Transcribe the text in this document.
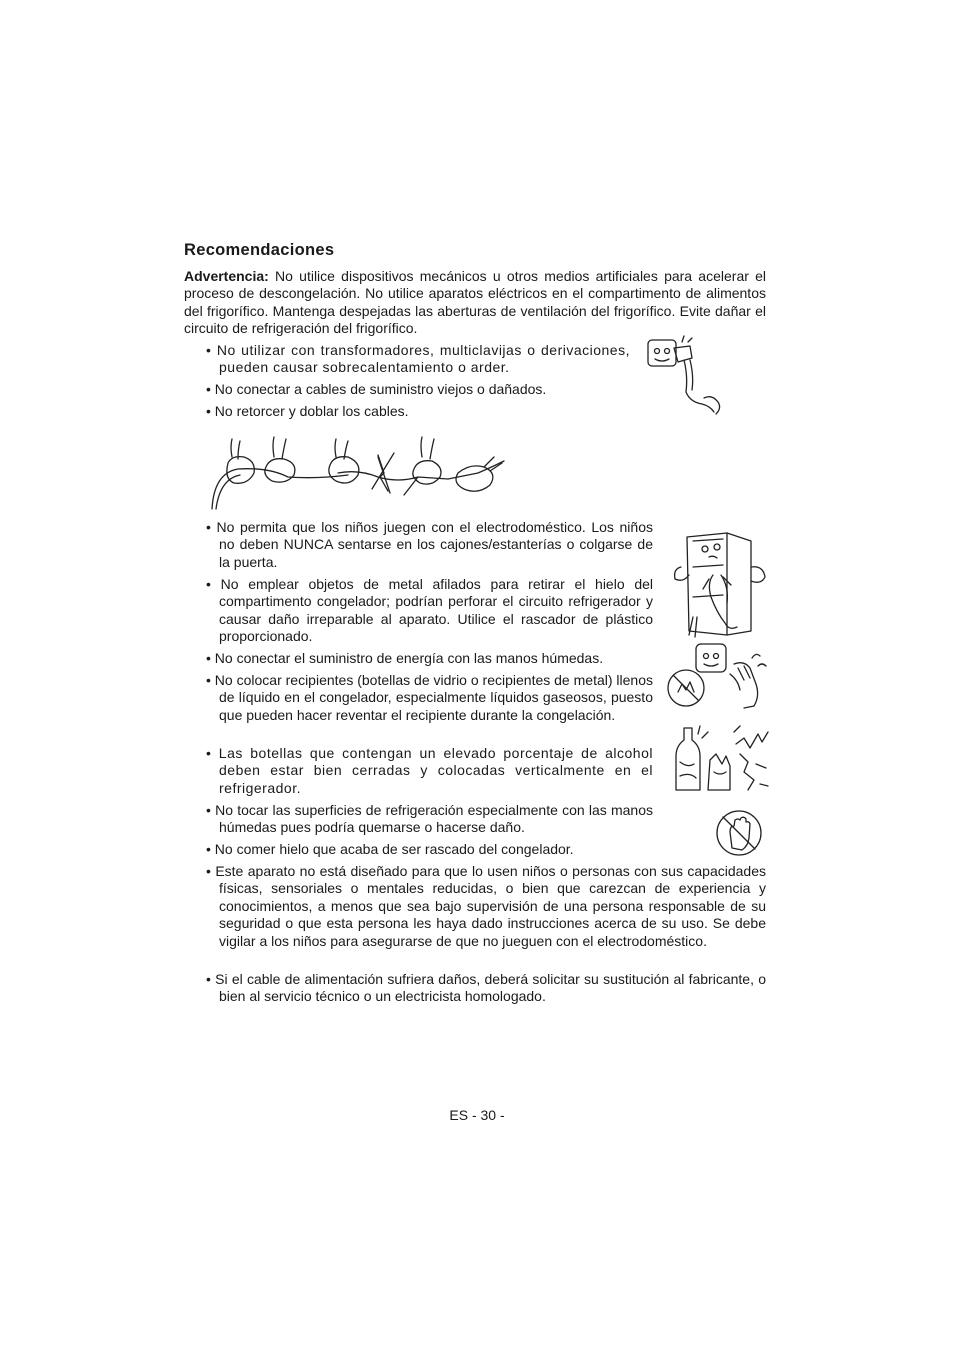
Recomendaciones

Advertencia: No utilice dispositivos mecánicos u otros medios artificiales para acelerar el proceso de descongelación. No utilice aparatos eléctricos en el compartimento de alimentos del frigorífico. Mantenga despejadas las aberturas de ventilación del frigorífico. Evite dañar el circuito de refrigeración del frigorífico.

• No utilizar con transformadores, multiclavijas o derivaciones, pueden causar sobrecalentamiento o arder.

• No conectar a cables de suministro viejos o dañados.

• No retorcer y doblar los cables.

• No permita que los niños juegen con el electrodoméstico. Los niños no deben NUNCA sentarse en los cajones/estanterías o colgarse de la puerta.

• No emplear objetos de metal afilados para retirar el hielo del compartimento congelador; podrían perforar el circuito refrigerador y causar daño irreparable al aparato. Utilice el rascador de plástico proporcionado.

• No conectar el suministro de energía con las manos húmedas.

• No colocar recipientes (botellas de vidrio o recipientes de metal) llenos de líquido en el congelador, especialmente líquidos gaseosos, puesto que pueden hacer reventar el recipiente durante la congelación.

• Las botellas que contengan un elevado porcentaje de alcohol deben estar bien cerradas y colocadas verticalmente en el refrigerador.

• No tocar las superficies de refrigeración especialmente con las manos húmedas pues podría quemarse o hacerse daño.

• No comer hielo que acaba de ser rascado del congelador.

• Este aparato no está diseñado para que lo usen niños o personas con sus capacidades físicas, sensoriales o mentales reducidas, o bien que carezcan de experiencia y conocimientos, a menos que sea bajo supervisión de una persona responsable de su seguridad o que esta persona les haya dado instrucciones acerca de su uso. Se debe vigilar a los niños para asegurarse de que no jueguen con el electrodoméstico.

• Si el cable de alimentación sufriera daños, deberá solicitar su sustitución al fabricante, o bien al servicio técnico o un electricista homologado.

ES - 30 -
